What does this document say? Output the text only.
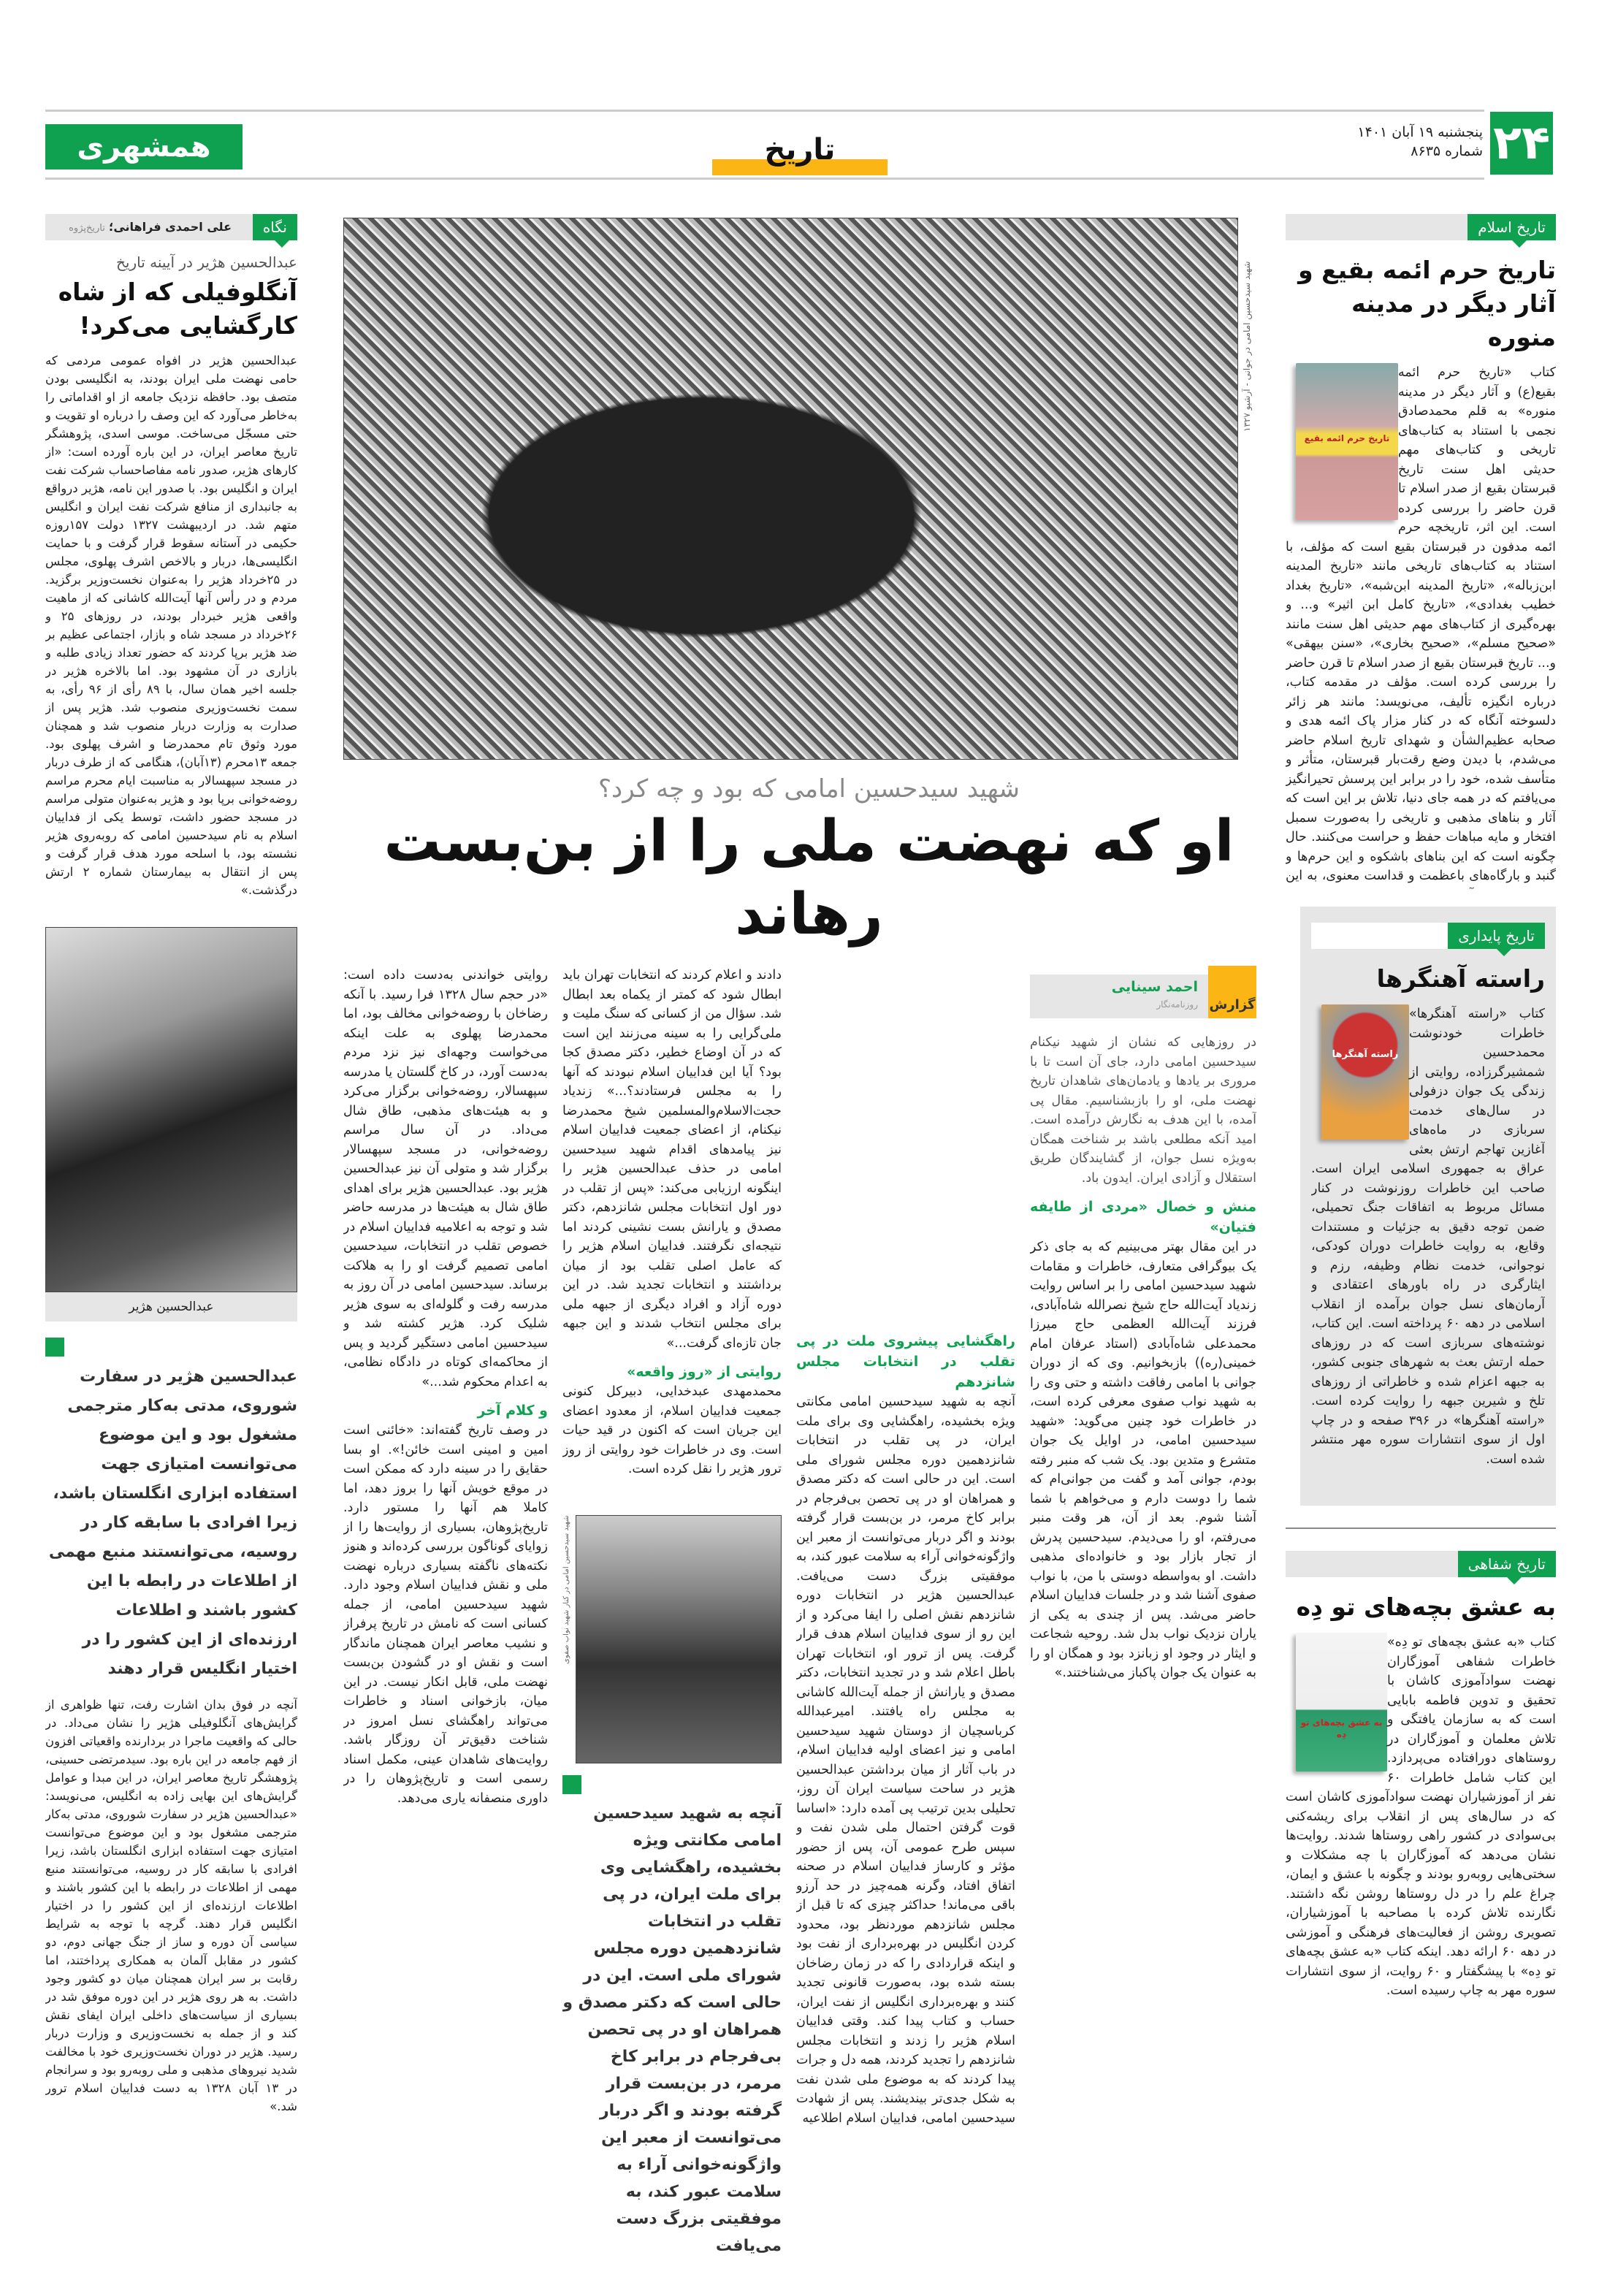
۲۴
پنجشنبه ۱۹ آبان ۱۴۰۱
شماره ۸۶۳۵
همشهری	تاریخ
تاریخ اسلام
تاریخ حرم ائمه بقیع و آثار دیگر در مدینه منوره
تاریخ حرم ائمه بقیع
کتاب «تاریخ حرم ائمه بقیع(ع) و آثار دیگر در مدینه منوره» به قلم محمدصادق نجمی با استناد به کتاب‌های تاریخی و کتاب‌های مهم حدیثی اهل سنت تاریخ قبرستان بقیع از صدر اسلام تا قرن حاضر را بررسی کرده است. این اثر، تاریخچه حرم ائمه مدفون در قبرستان بقیع است که مؤلف، با استناد به کتاب‌های تاریخی مانند «تاریخ المدینه ابن‌زباله»، «تاریخ المدینه ابن‌شبه»، «تاریخ بغداد خطیب بغدادی»، «تاریخ کامل ابن اثیر» و... و بهره‌گیری از کتاب‌های مهم حدیثی اهل سنت مانند «صحیح مسلم»، «صحیح بخاری»، «سنن بیهقی» و... تاریخ قبرستان بقیع از صدر اسلام تا قرن حاضر را بررسی کرده است. مؤلف در مقدمه کتاب، درباره انگیزه تألیف، می‌نویسد: مانند هر زائر دلسوخته آنگاه که در کنار مزار پاک ائمه هدی و صحابه عظیم‌الشأن و شهدای تاریخ اسلام حاضر می‌شدم، با دیدن وضع رقت‌بار قبرستان، متأثر و متأسف شده، خود را در برابر این پرسش تحیرانگیز می‌یافتم که در همه جای دنیا، تلاش بر این است که آثار و بناهای مذهبی و تاریخی را به‌صورت سمبل افتخار و مایه مباهات حفظ و حراست می‌کنند. حال چگونه است که این بناهای باشکوه و این حرم‌ها و گنبد و بارگاه‌های باعظمت و قداست معنوی، به این
تاریخ پایداری
راسته آهنگرها
راسته آهنگرها
کتاب «راسته آهنگرها» خاطرات خودنوشت محمدحسین شمشیرگرزاده، روایتی از زندگی یک جوان دزفولی در سال‌های خدمت سربازی در ماه‌های آغازین تهاجم ارتش بعثی عراق به جمهوری اسلامی ایران است. صاحب این خاطرات روزنوشت در کنار مسائل مربوط به اتفاقات جنگ تحمیلی، ضمن توجه دقیق به جزئیات و مستندات وقایع، به روایت خاطرات دوران کودکی، نوجوانی، خدمت نظام وظیفه، رزم و ایثارگری در راه باورهای اعتقادی و آرمان‌های نسل جوان برآمده از انقلاب اسلامی در دهه ۶۰ پرداخته است. این کتاب، نوشته‌های سربازی است که در روزهای حمله ارتش بعث به شهرهای جنوبی کشور، به جبهه اعزام شده و خاطراتی از روزهای تلخ و شیرین جبهه را روایت کرده است. «راسته آهنگرها» در ۳۹۶ صفحه و در چاپ اول از سوی انتشارات سوره مهر منتشر شده است.
تاریخ شفاهی
به عشق بچه‌های تو دِه
به عشق بچه‌های تو دِه
کتاب «به عشق بچه‌های تو دِه» خاطرات شفاهی آموزگاران نهضت سوادآموزی کاشان با تحقیق و تدوین فاطمه بابایی است که به سازمان یافتگی و تلاش معلمان و آموزگاران در روستاهای دورافتاده می‌پردازد. این کتاب شامل خاطرات ۶۰ نفر از آموزشیاران نهضت سوادآموزی کاشان است که در سال‌های پس از انقلاب برای ریشه‌کنی بی‌سوادی در کشور راهی روستاها شدند. روایت‌ها نشان می‌دهد که آموزگاران با چه مشکلات و سختی‌هایی روبه‌رو بودند و چگونه با عشق و ایمان، چراغ علم را در دل روستاها روشن نگه داشتند. نگارنده تلاش کرده با مصاحبه با آموزشیاران، تصویری روشن از فعالیت‌های فرهنگی و آموزشی در دهه ۶۰ ارائه دهد. اینکه کتاب «به عشق بچه‌های تو دِه» با پیشگفتار و ۶۰ روایت، از سوی انتشارات سوره مهر به چاپ رسیده است.
نگاه
علی احمدی فراهانی؛ تاریخ‌پژوه
عبدالحسین هژیر در آیینه تاریخ
آنگلوفیلی که از شاه کارگشایی می‌کرد!
عبدالحسین هژیر در افواه عمومی مردمی که حامی نهضت ملی ایران بودند، به انگلیسی بودن متصف بود. حافظه نزدیک جامعه از او اقداماتی را به‌خاطر می‌آورد که این وصف را درباره او تقویت و حتی مسجّل می‌ساخت. موسی اسدی، پژوهشگر تاریخ معاصر ایران، در این باره آورده است: «از کارهای هژیر، صدور نامه مفاصاحساب شرکت نفت ایران و انگلیس بود. با صدور این نامه، هژیر درواقع به جانبداری از منافع شرکت نفت ایران و انگلیس متهم شد. در اردیبهشت ۱۳۲۷ دولت ۱۵۷روزه حکیمی در آستانه سقوط قرار گرفت و با حمایت انگلیسی‌ها، دربار و بالاخص اشرف پهلوی، مجلس در ۲۵خرداد هژیر را به‌عنوان نخست‌وزیر برگزید. مردم و در رأس آنها آیت‌الله کاشانی که از ماهیت واقعی هژیر خبردار بودند، در روزهای ۲۵ و ۲۶خرداد در مسجد شاه و بازار، اجتماعی عظیم بر ضد هژیر برپا کردند که حضور تعداد زیادی طلبه و بازاری در آن مشهود بود. اما بالاخره هژیر در جلسه اخیر همان سال، با ۸۹ رأی از ۹۶ رأی، به سمت نخست‌وزیری منصوب شد. هژیر پس از صدارت به وزارت دربار منصوب شد و همچنان مورد وثوق تام محمدرضا و اشرف پهلوی بود. جمعه ۱۳محرم (۱۳آبان)، هنگامی که از طرف دربار در مسجد سپهسالار به مناسبت ایام محرم مراسم روضه‌خوانی برپا بود و هژیر به‌عنوان متولی مراسم در مسجد حضور داشت، توسط یکی از فداییان اسلام به نام سیدحسین امامی که روبه‌روی هژیر نشسته بود، با اسلحه مورد هدف قرار گرفت و پس از انتقال به بیمارستان شماره ۲ ارتش درگذشت.»
عبدالحسین هژیر
عبدالحسین هژیر در سفارت شوروی، مدتی به‌کار مترجمی مشغول بود و این موضوع می‌توانست امتیازی جهت استفاده ابزاری انگلستان باشد، زیرا افرادی با سابقه کار در روسیه، می‌توانستند منبع مهمی از اطلاعات در رابطه با این کشور باشند و اطلاعات ارزنده‌ای از این کشور را در اختیار انگلیس قرار دهند
آنچه در فوق بدان اشارت رفت، تنها ظواهری از گرایش‌های آنگلوفیلی هژیر را نشان می‌داد. در حالی که واقعیت ماجرا در بردارنده واقعیاتی افزون از فهم جامعه در این باره بود. سیدمرتضی حسینی، پژوهشگر تاریخ معاصر ایران، در این مبدا و عوامل گرایش‌های این بهایی زاده به انگلیس، می‌نویسد: «عبدالحسین هژیر در سفارت شوروی، مدتی به‌کار مترجمی مشغول بود و این موضوع می‌توانست امتیازی جهت استفاده ابزاری انگلستان باشد، زیرا افرادی با سابقه کار در روسیه، می‌توانستند منبع مهمی از اطلاعات در رابطه با این کشور باشند و اطلاعات ارزنده‌ای از این کشور را در اختیار انگلیس قرار دهند. گرچه با توجه به شرایط سیاسی آن دوره و ساز از جنگ جهانی دوم، دو کشور در مقابل آلمان به همکاری پرداختند، اما رقابت بر سر ایران همچنان میان دو کشور وجود داشت. به هر روی هژیر در این دوره موفق شد در بسیاری از سیاست‌های داخلی ایران ایفای نقش کند و از جمله به نخست‌وزیری و وزارت دربار رسید. هژیر در دوران نخست‌وزیری خود با مخالفت شدید نیروهای مذهبی و ملی روبه‌رو بود و سرانجام در ۱۳ آبان ۱۳۲۸ به دست فداییان اسلام ترور شد.»
شهید سیدحسین امامی در جوانی - آرشیو ۱۳۲۷
شهید سیدحسین امامی که بود و چه کرد؟
او که نهضت ملی را از بن‌بست رهاند
گزارش
احمد سینایی
روزنامه‌نگار

در روزهایی که نشان از شهید نیکنام سیدحسین امامی دارد، جای آن است تا با مروری بر یادها و یادمان‌های شاهدان تاریخ نهضت ملی، او را بازبشناسیم. مقال پی آمده، با این هدف به نگارش درآمده است. امید آنکه مطلعی باشد بر شناخت همگان به‌ویژه نسل جوان، از گشایندگان طریق استقلال و آزادی ایران. ایدون باد.

منش و خصال «مردی از طایفه فتیان»

در این مقال بهتر می‌بینیم که به جای ذکر یک بیوگرافی متعارف، خاطرات و مقامات شهید سیدحسین امامی را بر اساس روایت زندیاد آیت‌الله حاج شیخ نصرالله شاه‌آبادی، فرزند آیت‌الله العظمی حاج میرزا محمدعلی شاه‌آبادی (استاد عرفان امام خمینی(ره)) بازبخوانیم. وی که از دوران جوانی با امامی رفاقت داشته و حتی وی را به شهید نواب صفوی معرفی کرده است، در خاطرات خود چنین می‌گوید: «شهید سیدحسین امامی، در اوایل یک جوان متشرع و متدین بود. یک شب که منبر رفته بودم، جوانی آمد و گفت من جوانی‌ام که شما را دوست دارم و می‌خواهم با شما آشنا شوم. بعد از آن، هر وقت منبر می‌رفتم، او را می‌دیدم. سیدحسین پدرش از تجار بازار بود و خانواده‌ای مذهبی داشت. او به‌واسطه دوستی با من، با نواب صفوی آشنا شد و در جلسات فداییان اسلام حاضر می‌شد. پس از چندی به یکی از یاران نزدیک نواب بدل شد. روحیه شجاعت و ایثار در وجود او زبانزد بود و همگان او را به عنوان یک جوان پاکباز می‌شناختند.»

راهگشایی پیشروی ملت در پی تقلب در انتخابات مجلس شانزدهم

آنچه به شهید سیدحسین امامی مکانتی ویژه بخشیده، راهگشایی وی برای ملت ایران، در پی تقلب در انتخابات شانزدهمین دوره مجلس شورای ملی است. این در حالی است که دکتر مصدق و همراهان او در پی تحصن بی‌فرجام در برابر کاخ مرمر، در بن‌بست قرار گرفته بودند و اگر دربار می‌توانست از معبر این واژگونه‌خوانی آراء به سلامت عبور کند، به موفقیتی بزرگ دست می‌یافت. عبدالحسین هژیر در انتخابات دوره شانزدهم نقش اصلی را ایفا می‌کرد و از این رو از سوی فداییان اسلام هدف قرار گرفت. پس از ترور او، انتخابات تهران باطل اعلام شد و در تجدید انتخابات، دکتر مصدق و یارانش از جمله آیت‌الله کاشانی به مجلس راه یافتند. امیرعبدالله کرباسچیان از دوستان شهید سیدحسین امامی و نیز اعضای اولیه فداییان اسلام، در باب آثار از میان برداشتن عبدالحسین هژیر در ساحت سیاست ایران آن روز، تحلیلی بدین ترتیب پی آمده دارد: «اساسا قوت گرفتن احتمال ملی شدن نفت و سپس طرح عمومی آن، پس از حضور مؤثر و کارساز فداییان اسلام در صحنه اتفاق افتاد، وگرنه همه‌چیز در حد آرزو باقی می‌ماند! حداکثر چیزی که تا قبل از مجلس شانزدهم موردنظر بود، محدود کردن انگلیس در بهره‌برداری از نفت بود و اینکه قراردادی را که در زمان رضاخان بسته شده بود، به‌صورت قانونی تجدید کنند و بهره‌برداری انگلیس از نفت ایران، حساب و کتاب پیدا کند. وقتی فداییان اسلام هژیر را زدند و انتخابات مجلس شانزدهم را تجدید کردند، همه دل و جرات پیدا کردند که به موضوع ملی شدن نفت به شکل جدی‌تر بیندیشند. پس از شهادت سیدحسین امامی، فداییان اسلام اطلاعیه

دادند و اعلام کردند که انتخابات تهران باید ابطال شود که کمتر از یکماه بعد ابطال شد. سؤال من از کسانی که سنگ ملیت و ملی‌گرایی را به سینه می‌زنند این است که در آن اوضاع خطیر، دکتر مصدق کجا بود؟ آیا این فداییان اسلام نبودند که آنها را به مجلس فرستادند؟...» زندیاد حجت‌الاسلام‌والمسلمین شیخ محمدرضا نیکنام، از اعضای جمعیت فداییان اسلام نیز پیامدهای اقدام شهید سیدحسین امامی در حذف عبدالحسین هژیر را اینگونه ارزیابی می‌کند: «پس از تقلب در دور اول انتخابات مجلس شانزدهم، دکتر مصدق و یارانش بست نشینی کردند اما نتیجه‌ای نگرفتند. فداییان اسلام هژیر را که عامل اصلی تقلب بود از میان برداشتند و انتخابات تجدید شد. در این دوره آزاد و افراد دیگری از جبهه ملی برای مجلس انتخاب شدند و این جبهه جان تازه‌ای گرفت...»

روایتی از «روز واقعه»

محمدمهدی عبدخدایی، دبیرکل کنونی جمعیت فداییان اسلام، از معدود اعضای این جریان است که اکنون در قید حیات است. وی در خاطرات خود روایتی از روز ترور هژیر را نقل کرده است.

شهید سیدحسین امامی در کنار شهید نواب صفوی
آنچه به شهید سیدحسین امامی مکانتی ویژه بخشیده، راهگشایی وی برای ملت ایران، در پی تقلب در انتخابات شانزدهمین دوره مجلس شورای ملی است. این در حالی است که دکتر مصدق و همراهان او در پی تحصن بی‌فرجام در برابر کاخ مرمر، در بن‌بست قرار گرفته بودند و اگر دربار می‌توانست از معبر این واژگونه‌خوانی آراء به سلامت عبور کند، به موفقیتی بزرگ دست می‌یافت

روایتی خواندنی به‌دست داده است: «در حجم سال ۱۳۲۸ فرا رسید. با آنکه رضاخان با روضه‌خوانی مخالف بود، اما محمدرضا پهلوی به علت اینکه می‌خواست وجهه‌ای نیز نزد مردم به‌دست آورد، در کاخ گلستان یا مدرسه سپهسالار، روضه‌خوانی برگزار می‌کرد و به هیئت‌های مذهبی، طاق شال می‌داد. در آن سال مراسم روضه‌خوانی، در مسجد سپهسالار برگزار شد و متولی آن نیز عبدالحسین هژیر بود. عبدالحسین هژیر برای اهدای طاق شال به هیئت‌ها در مدرسه حاضر شد و توجه به اعلامیه فداییان اسلام در خصوص تقلب در انتخابات، سیدحسین امامی تصمیم گرفت او را به هلاکت برساند. سیدحسین امامی در آن روز به مدرسه رفت و گلوله‌ای به سوی هژیر شلیک کرد. هژیر کشته شد و سیدحسین امامی دستگیر گردید و پس از محاکمه‌ای کوتاه در دادگاه نظامی، به اعدام محکوم شد...»

و کلام آخر

در وصف تاریخ گفته‌اند: «خائنی است امین و امینی است خائن!». او بسا حقایق را در سینه دارد که ممکن است در موقع خویش آنها را بروز دهد، اما کاملا هم آنها را مستور دارد. تاریخ‌پژوهان، بسیاری از روایت‌ها را از زوایای گوناگون بررسی کرده‌اند و هنوز نکته‌های ناگفته بسیاری درباره نهضت ملی و نقش فداییان اسلام وجود دارد. شهید سیدحسین امامی، از جمله کسانی است که نامش در تاریخ پرفراز و نشیب معاصر ایران همچنان ماندگار است و نقش او در گشودن بن‌بست نهضت ملی، قابل انکار نیست. در این میان، بازخوانی اسناد و خاطرات می‌تواند راهگشای نسل امروز در شناخت دقیق‌تر آن روزگار باشد. روایت‌های شاهدان عینی، مکمل اسناد رسمی است و تاریخ‌پژوهان را در داوری منصفانه یاری می‌دهد.
